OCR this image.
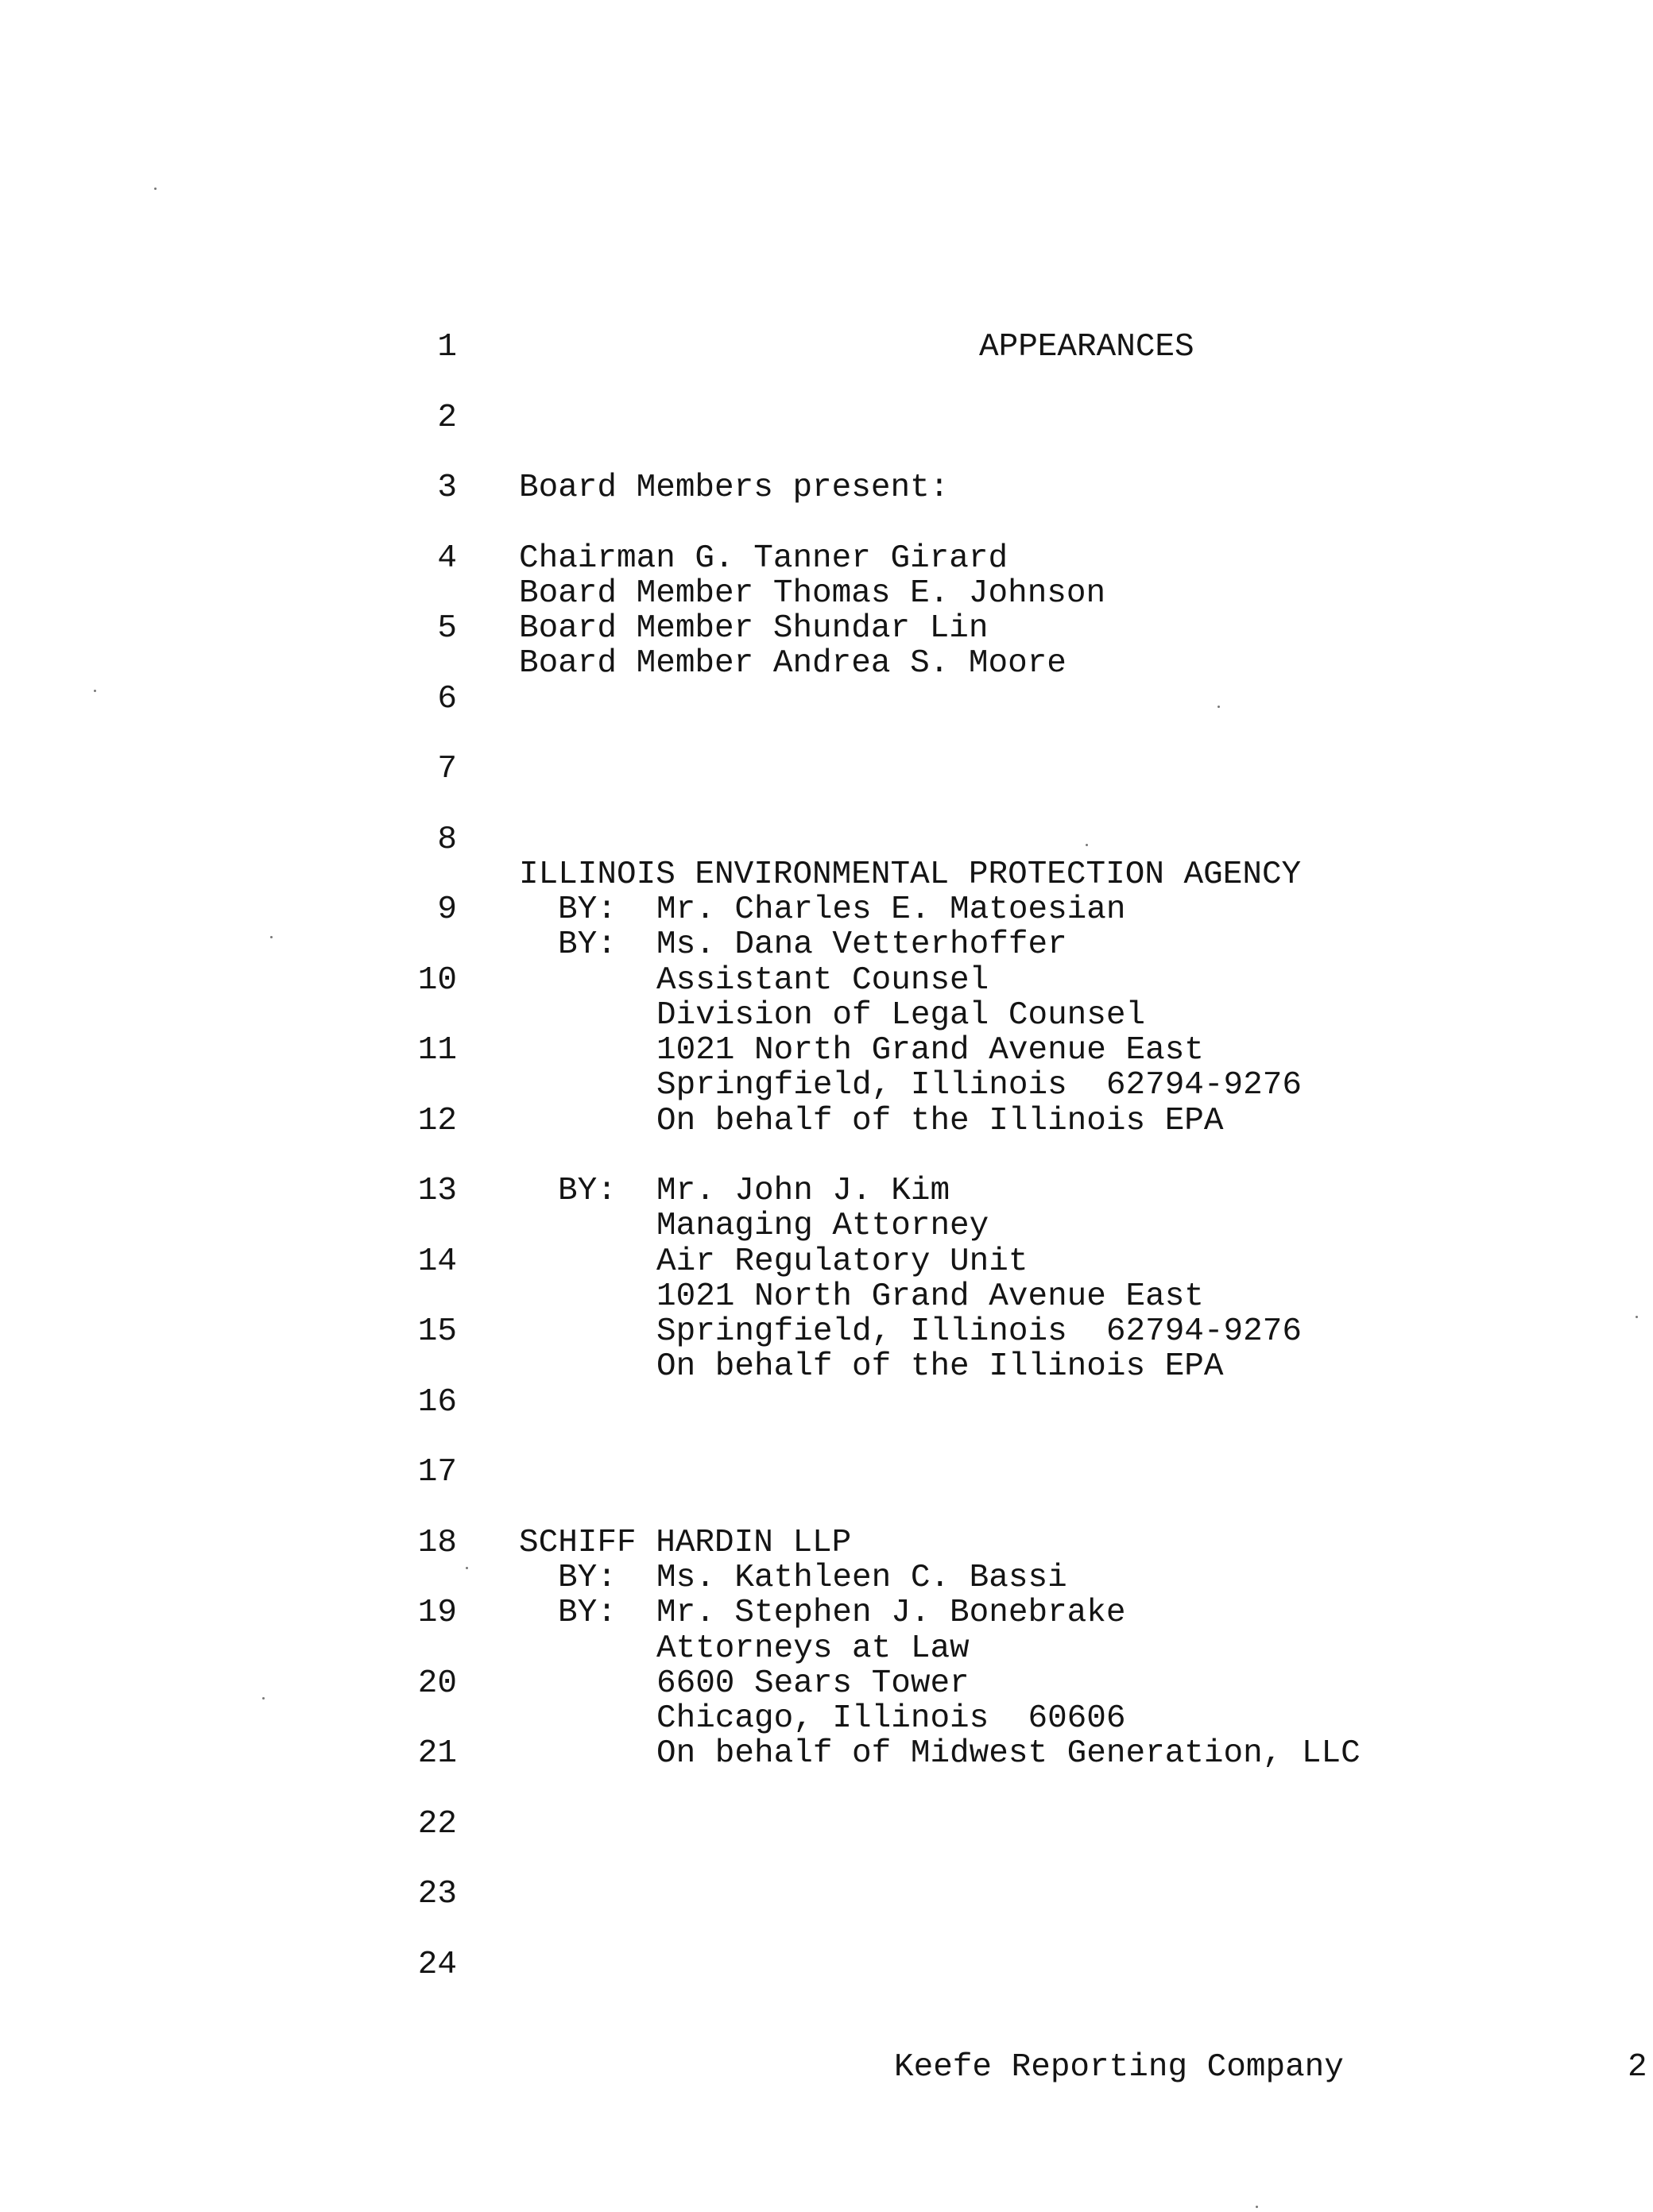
APPEARANCES
1
2
3
4
5
6
7
8
9
10
11
12
13
14
15
16
17
18
19
20
21
22
23
24
Board Members present:
Chairman G. Tanner Girard
Board Member Thomas E. Johnson
Board Member Shundar Lin
Board Member Andrea S. Moore
ILLINOIS ENVIRONMENTAL PROTECTION AGENCY
BY: Mr. Charles E. Matoesian
BY: Ms. Dana Vetterhoffer
Assistant Counsel
Division of Legal Counsel
1021 North Grand Avenue East
Springfield, Illinois  62794-9276
On behalf of the Illinois EPA
BY: Mr. John J. Kim
Managing Attorney
Air Regulatory Unit
1021 North Grand Avenue East
Springfield, Illinois  62794-9276
On behalf of the Illinois EPA
SCHIFF HARDIN LLP
BY: Ms. Kathleen C. Bassi
BY: Mr. Stephen J. Bonebrake
Attorneys at Law
6600 Sears Tower
Chicago, Illinois  60606
On behalf of Midwest Generation, LLC
Keefe Reporting Company	2
